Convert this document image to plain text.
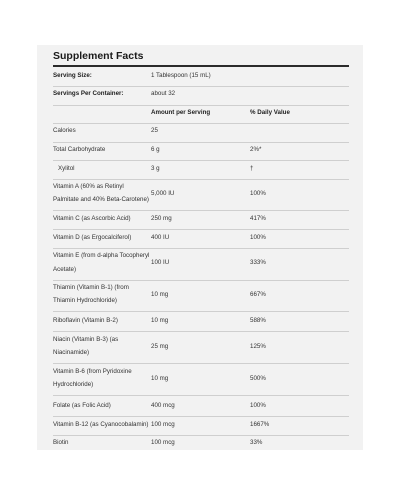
Supplement Facts
Serving Size:	1 Tablespoon (15 mL)
Servings Per Container:	about 32
Amount per Serving	% Daily Value
Calories	25
Total Carbohydrate	6 g	2%*
Xylitol	3 g	†
Vitamin A (60% as Retinyl
Palmitate and 40% Beta-Carotene)
5,000 IU	100%
Vitamin C (as Ascorbic Acid)	250 mg	417%
Vitamin D (as Ergocalciferol)	400 IU	100%
Vitamin E (from d-alpha Tocopheryl
Acetate)
100 IU	333%
Thiamin (Vitamin B-1) (from
Thiamin Hydrochloride)
10 mg	667%
Riboflavin (Vitamin B-2)	10 mg	588%
Niacin (Vitamin B-3) (as
Niacinamide)
25 mg	125%
Vitamin B-6 (from Pyridoxine
Hydrochloride)
10 mg	500%
Folate (as Folic Acid)	400 mcg	100%
Vitamin B-12 (as Cyanocobalamin) 100 mcg	1667%
Biotin	100 mcg	33%
